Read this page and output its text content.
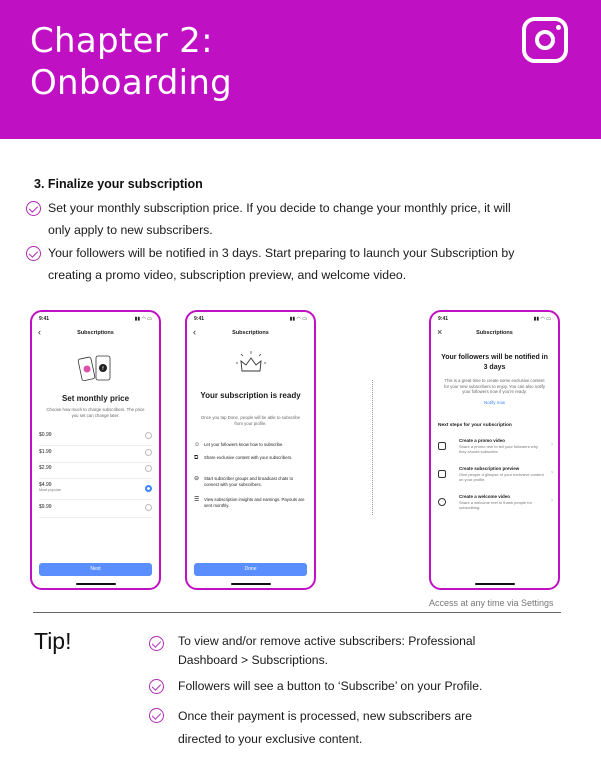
Chapter 2:
Onboarding
3. Finalize your subscription
Set your monthly subscription price. If you decide to change your monthly price, it will
only apply to new subscribers.
Your followers will be notified in 3 days. Start preparing to launch your Subscription by
creating a promo video, subscription preview, and welcome video.
9:41	▮▮ ◠ ▭
‹	Subscriptions
f
Set monthly price
Choose how much to charge subscribers. The price you set can change later.
$0.99
$1.99
$2.99
$4.99
Most popular
$9.99
Next
9:41	▮▮ ◠ ▭
‹	Subscriptions
Your subscription is ready
Once you tap Done, people will be able to subscribe from your profile.
☺ Let your followers know how to subscribe.
⧉ Share exclusive content with your subscribers.
⊖ Start subscriber groups and broadcast chats to connect with your subscribers.
☰ View subscription insights and earnings. Payouts are sent monthly.
Done
9:41	▮▮ ◠ ▭
×	Subscriptions
Your followers will be notified in 3 days
This is a great time to create some exclusive content for your new subscribers to enjoy. You can also notify your followers now if you're ready.
Notify now
Next steps for your subscription
Create a promo video
Share a promo reel to tell your followers why they should subscribe.
›
Create subscription preview
Give people a glimpse of your exclusive content on your profile.
›
Create a welcome video
Share a welcome reel to thank people for subscribing.
›
Access at any time via Settings
Tip!	To view and/or remove active subscribers: Professional
Dashboard > Subscriptions.
Followers will see a button to ‘Subscribe’ on your Profile.
Once their payment is processed, new subscribers are
directed to your exclusive content.
